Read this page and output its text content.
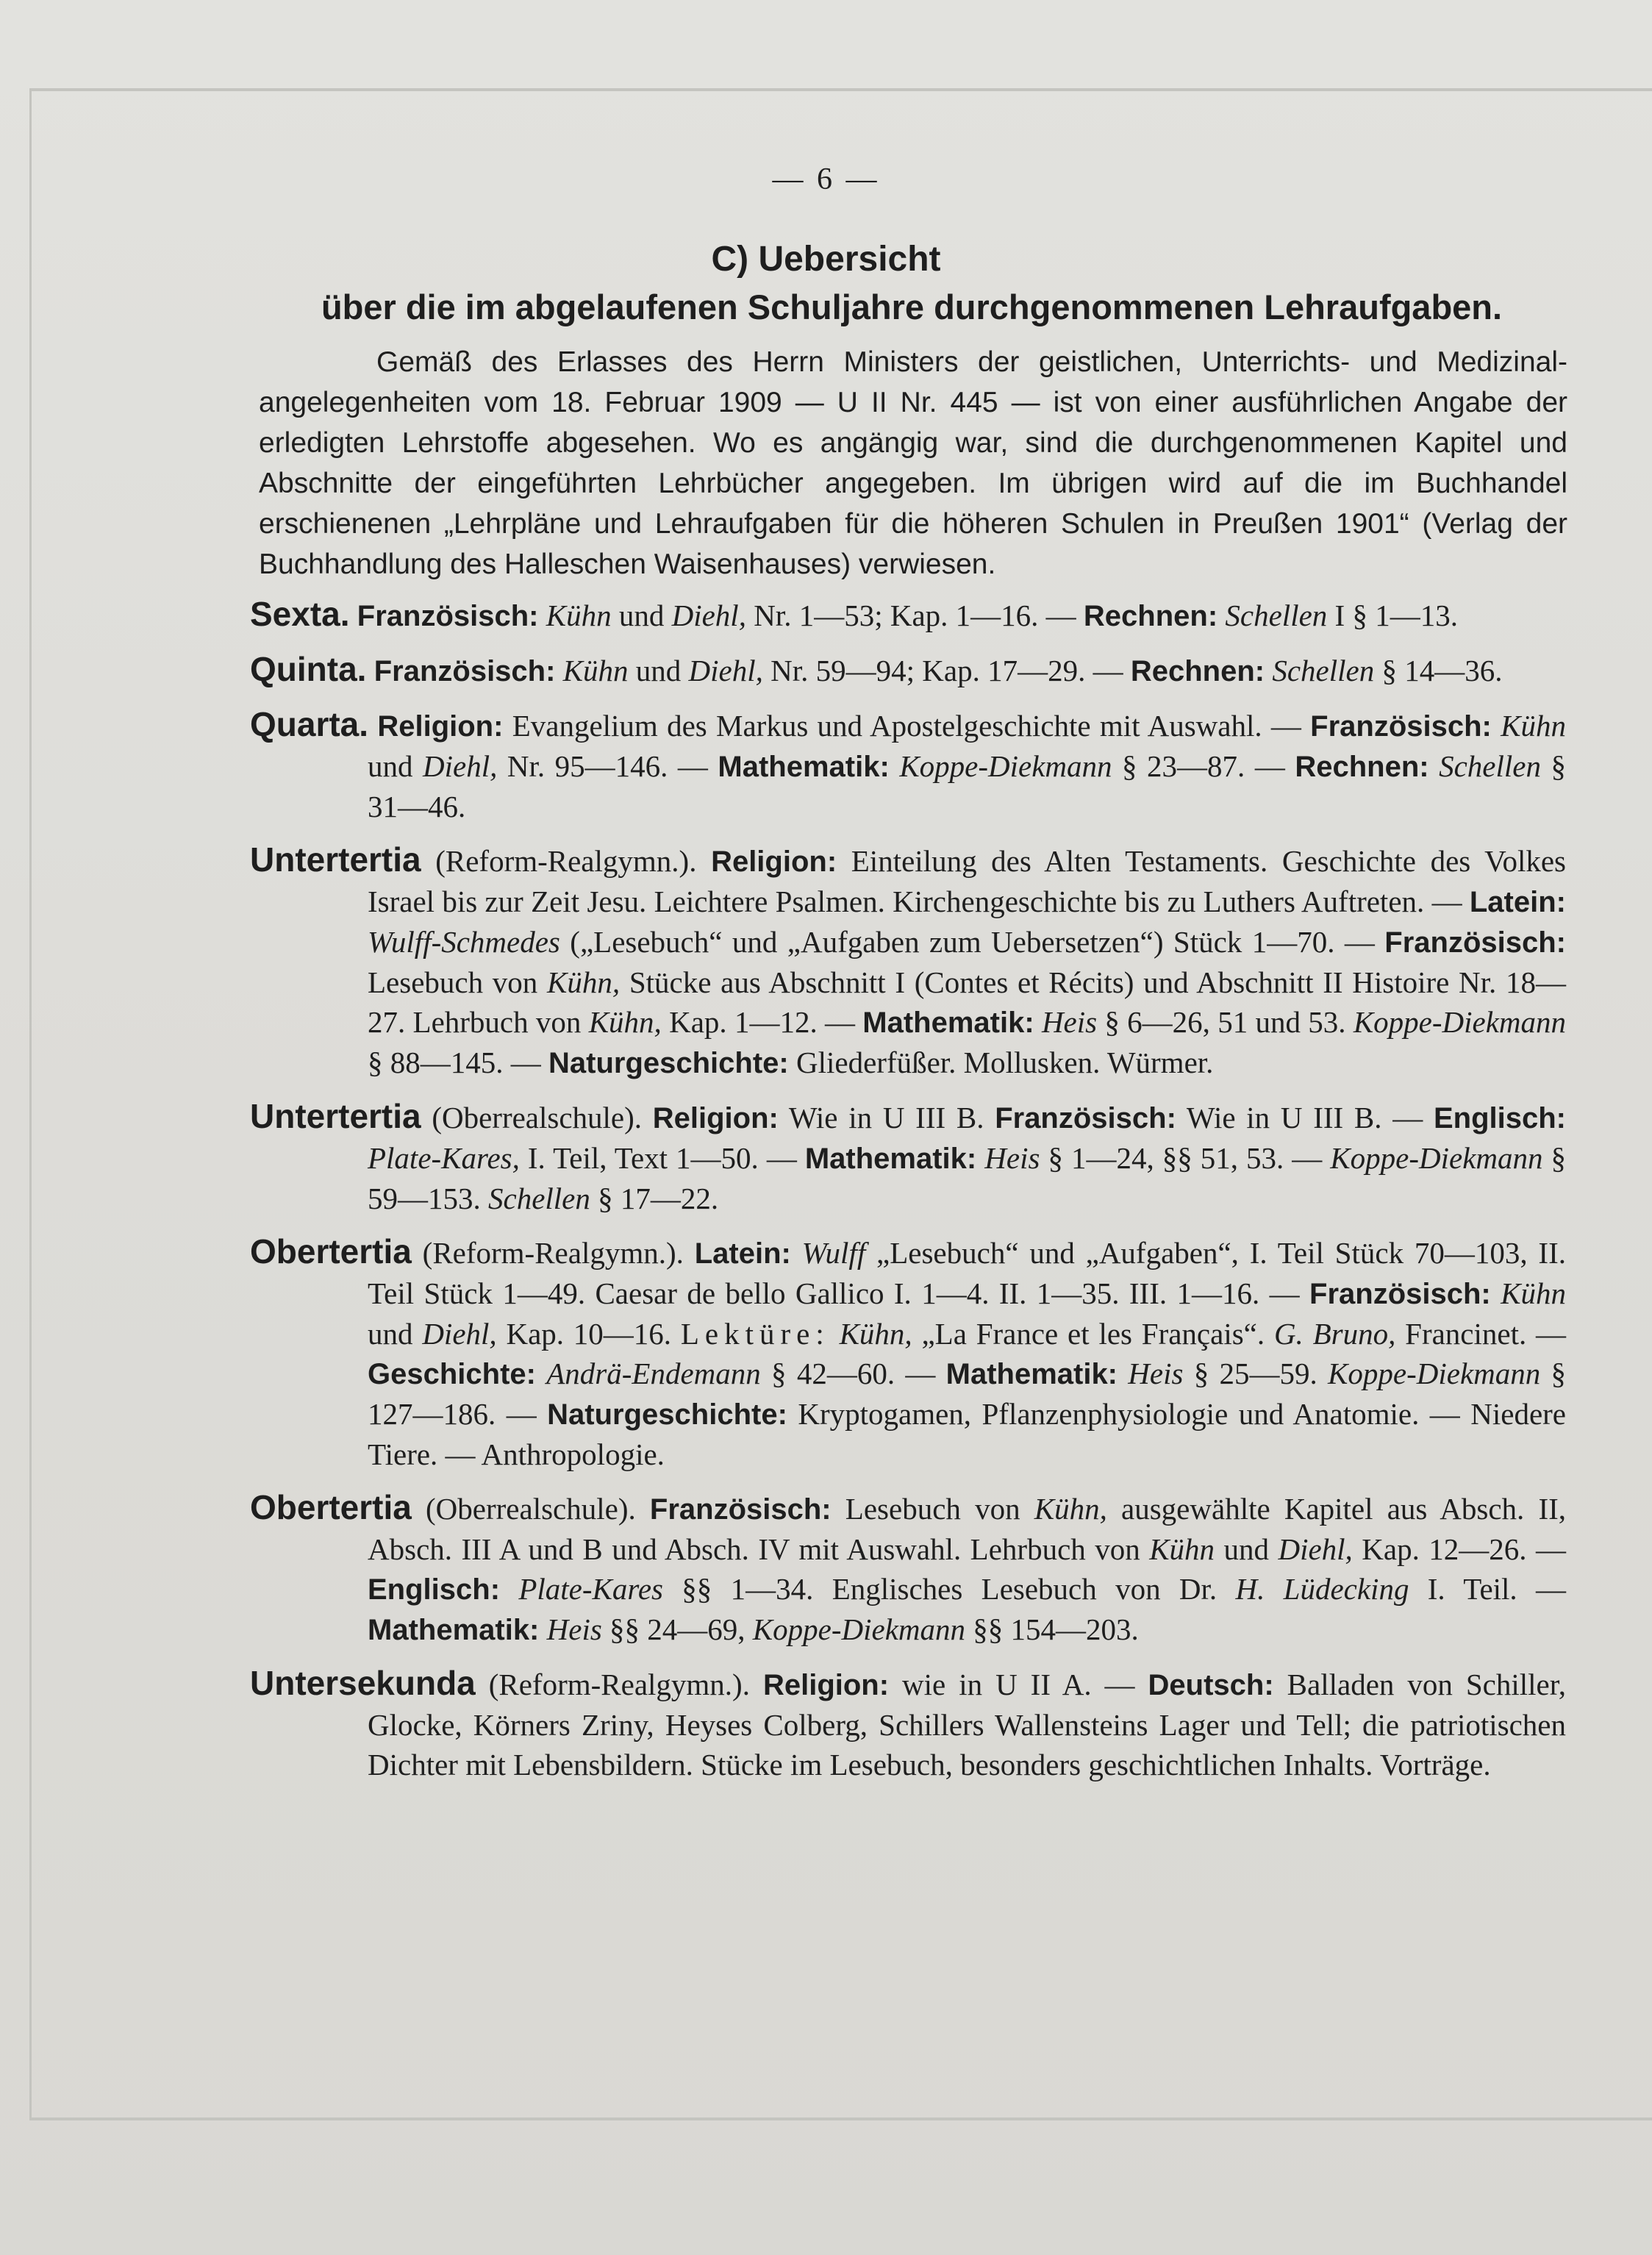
— 6 —
C) Uebersicht
über die im abgelaufenen Schuljahre durchgenommenen Lehraufgaben.

Gemäß des Erlasses des Herrn Ministers der geistlichen, Unterrichts- und Medizinal-angelegenheiten vom 18. Februar 1909 — U II Nr. 445 — ist von einer ausführlichen Angabe der erledigten Lehrstoffe abgesehen. Wo es angängig war, sind die durchgenommenen Kapitel und Abschnitte der eingeführten Lehrbücher angegeben. Im übrigen wird auf die im Buchhandel erschienenen „Lehrpläne und Lehraufgaben für die höheren Schulen in Preußen 1901“ (Verlag der Buchhandlung des Halleschen Waisenhauses) verwiesen.

Sexta. Französisch: Kühn und Diehl, Nr. 1—53; Kap. 1—16. — Rechnen: Schellen I § 1—13.

Quinta. Französisch: Kühn und Diehl, Nr. 59—94; Kap. 17—29. — Rechnen: Schellen § 14—36.

Quarta. Religion: Evangelium des Markus und Apostelgeschichte mit Auswahl. — Französisch: Kühn und Diehl, Nr. 95—146. — Mathematik: Koppe-Diekmann § 23—87. — Rechnen: Schellen § 31—46.

Untertertia (Reform-Realgymn.). Religion: Einteilung des Alten Testaments. Geschichte des Volkes Israel bis zur Zeit Jesu. Leichtere Psalmen. Kirchengeschichte bis zu Luthers Auftreten. — Latein: Wulff-Schmedes („Lesebuch“ und „Aufgaben zum Uebersetzen“) Stück 1—70. — Französisch: Lesebuch von Kühn, Stücke aus Abschnitt I (Contes et Récits) und Abschnitt II Histoire Nr. 18—27. Lehrbuch von Kühn, Kap. 1—12. — Mathematik: Heis § 6—26, 51 und 53. Koppe-Diekmann § 88—145. — Naturgeschichte: Gliederfüßer. Mollusken. Würmer.

Untertertia (Oberrealschule). Religion: Wie in U III B. Französisch: Wie in U III B. — Englisch: Plate-Kares, I. Teil, Text 1—50. — Mathematik: Heis § 1—24, §§ 51, 53. — Koppe-Diekmann § 59—153. Schellen § 17—22.

Obertertia (Reform-Realgymn.). Latein: Wulff „Lesebuch“ und „Aufgaben“, I. Teil Stück 70—103, II. Teil Stück 1—49. Caesar de bello Gallico I. 1—4. II. 1—35. III. 1—16. — Französisch: Kühn und Diehl, Kap. 10—16. Lektüre: Kühn, „La France et les Français“. G. Bruno, Francinet. — Geschichte: Andrä-Endemann § 42—60. — Mathematik: Heis § 25—59. Koppe-Diekmann § 127—186. — Naturgeschichte: Kryptogamen, Pflanzenphysiologie und Anatomie. — Niedere Tiere. — Anthropologie.

Obertertia (Oberrealschule). Französisch: Lesebuch von Kühn, ausgewählte Kapitel aus Absch. II, Absch. III A und B und Absch. IV mit Auswahl. Lehrbuch von Kühn und Diehl, Kap. 12—26. — Englisch: Plate-Kares §§ 1—34. Englisches Lesebuch von Dr. H. Lüdecking I. Teil. — Mathematik: Heis §§ 24—69, Koppe-Diekmann §§ 154—203.

Untersekunda (Reform-Realgymn.). Religion: wie in U II A. — Deutsch: Balladen von Schiller, Glocke, Körners Zriny, Heyses Colberg, Schillers Wallensteins Lager und Tell; die patriotischen Dichter mit Lebensbildern. Stücke im Lesebuch, besonders geschichtlichen Inhalts. Vorträge.
